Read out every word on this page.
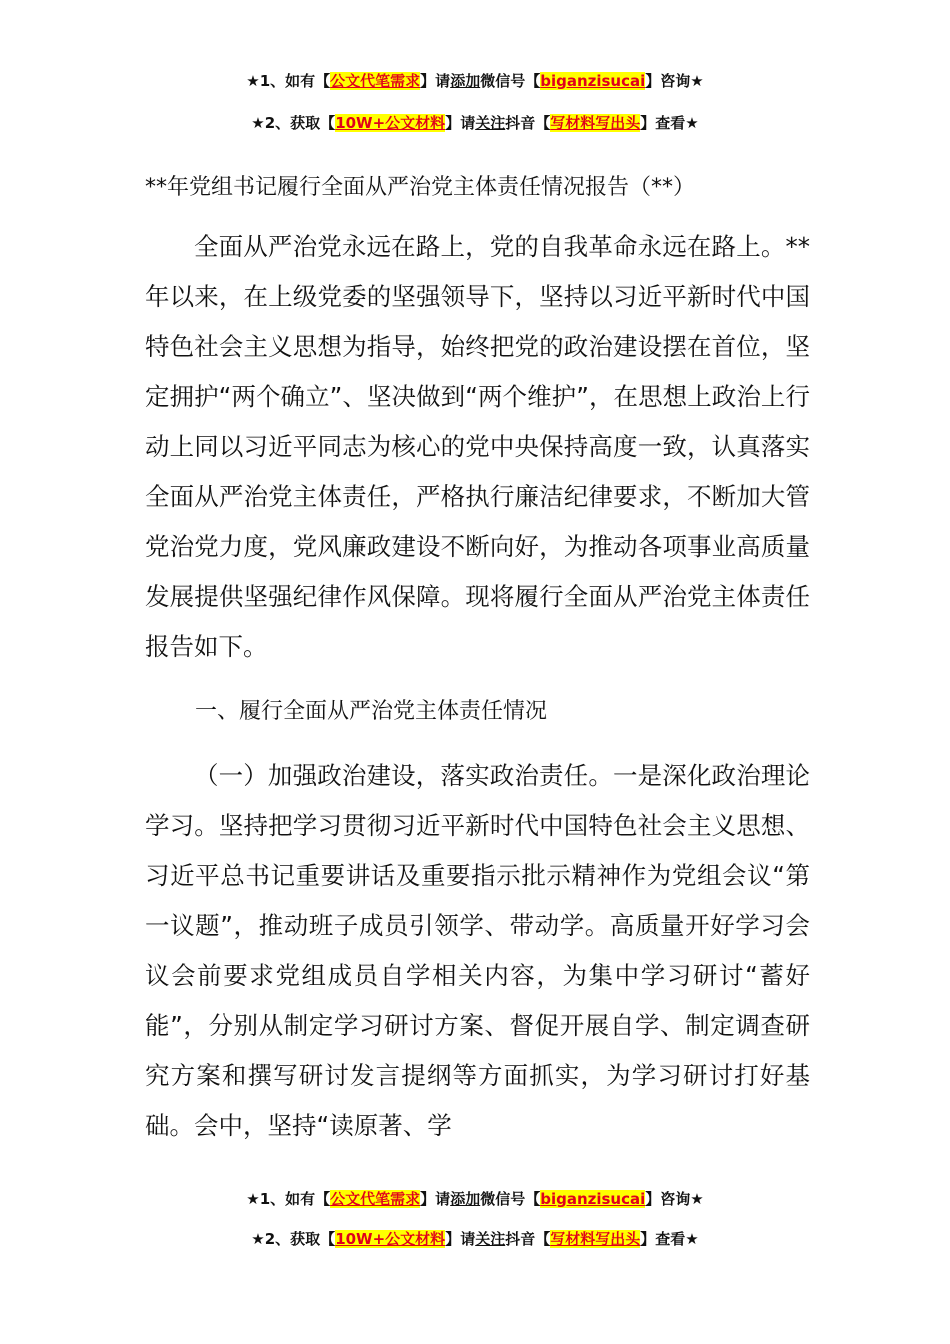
★1、如有【公文代笔需求】请添加微信号【biganzisucai】咨询★
★2、获取【10W+公文材料】请关注抖音【写材料写出头】查看★
**年党组书记履行全面从严治党主体责任情况报告（**）

全面从严治党永远在路上，党的自我革命永远在路上。**年以来，在上级党委的坚强领导下，坚持以习近平新时代中国特色社会主义思想为指导，始终把党的政治建设摆在首位，坚定拥护“两个确立”、坚决做到“两个维护”，在思想上政治上行动上同以习近平同志为核心的党中央保持高度一致，认真落实全面从严治党主体责任，严格执行廉洁纪律要求，不断加大管党治党力度，党风廉政建设不断向好，为推动各项事业高质量发展提供坚强纪律作风保障。现将履行全面从严治党主体责任报告如下。

一、履行全面从严治党主体责任情况

（一）加强政治建设，落实政治责任。一是深化政治理论学习。坚持把学习贯彻习近平新时代中国特色社会主义思想、习近平总书记重要讲话及重要指示批示精神作为党组会议“第一议题”，推动班子成员引领学、带动学。高质量开好学习会议会前要求党组成员自学相关内容，为集中学习研讨“蓄好能”，分别从制定学习研讨方案、督促开展自学、制定调查研究方案和撰写研讨发言提纲等方面抓实，为学习研讨打好基础。会中，坚持“读原著、学

★1、如有【公文代笔需求】请添加微信号【biganzisucai】咨询★
★2、获取【10W+公文材料】请关注抖音【写材料写出头】查看★
